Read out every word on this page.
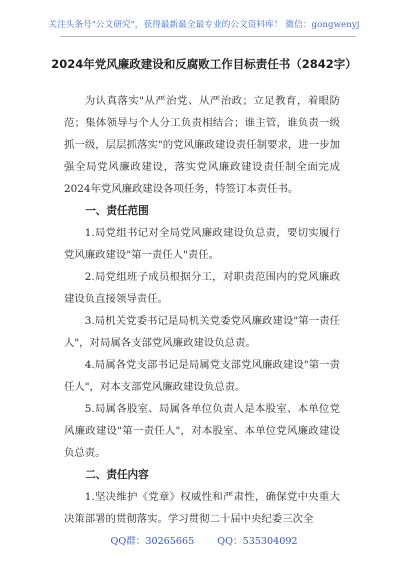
关注头条号"公文研究"，获得最新最全最专业的公文资料库！ 微信：gongwenyj
2024年党风廉政建设和反腐败工作目标责任书（2842字）

为认真落实"从严治党、从严治政；立足教育，着眼防范；集体领导与个人分工负责相结合；谁主管，谁负责一级抓一级，层层抓落实"的党风廉政建设责任制要求，进一步加强全局党风廉政建设，落实党风廉政建设责任制全面完成2024年党风廉政建设各项任务，特签订本责任书。

一、责任范围

1.局党组书记对全局党风廉政建设负总责，要切实履行党风廉政建设"第一责任人"责任。

2.局党组班子成员根据分工，对职责范围内的党风廉政建设负直接领导责任。

3.局机关党委书记是局机关党委党风廉政建设"第一责任人"，对局属各支部党风廉政建设负总责。

4.局属各党支部书记是局属党支部党风廉政建设"第一责任人"，对本支部党风廉政建设负总责。

5.局属各股室、局属各单位负责人是本股室、本单位党风廉政建设"第一责任人"，对本股室、本单位党风廉政建设负总责。

二、责任内容

1.坚决维护《党章》权威性和严肃性，确保党中央重大决策部署的贯彻落实。学习贯彻二十届中央纪委三次全

QQ群：30265665 QQ：535304092
